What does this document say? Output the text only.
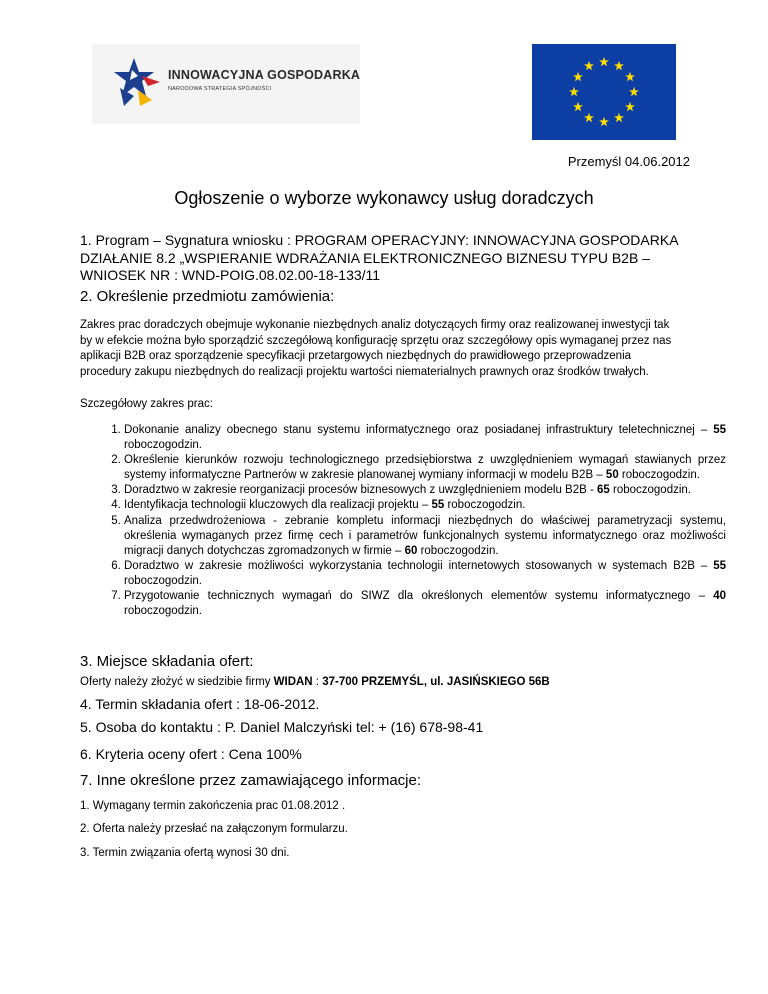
INNOWACYJNA GOSPODARKA
NARODOWA STRATEGIA SPÓJNOŚCI
Przemyśl 04.06.2012
Ogłoszenie o wyborze wykonawcy usług doradczych
1. Program – Sygnatura wniosku : PROGRAM OPERACYJNY: INNOWACYJNA GOSPODARKA DZIAŁANIE 8.2 „WSPIERANIE WDRAŻANIA ELEKTRONICZNEGO BIZNESU TYPU B2B – WNIOSEK NR : WND-POIG.08.02.00-18-133/11
2. Określenie przedmiotu zamówienia:
Zakres prac doradczych obejmuje wykonanie niezbędnych analiz dotyczących firmy oraz realizowanej inwestycji tak by w efekcie można było sporządzić szczegółową konfigurację sprzętu oraz szczegółowy opis wymaganej przez nas aplikacji B2B oraz sporządzenie specyfikacji przetargowych niezbędnych do prawidłowego przeprowadzenia procedury zakupu niezbędnych do realizacji projektu wartości niematerialnych prawnych oraz środków trwałych.
Szczegółowy zakres prac:
1. Dokonanie analizy obecnego stanu systemu informatycznego oraz posiadanej infrastruktury teletechnicznej – 55 roboczogodzin.
2. Określenie kierunków rozwoju technologicznego przedsiębiorstwa z uwzględnieniem wymagań stawianych przez systemy informatyczne Partnerów w zakresie planowanej wymiany informacji w modelu B2B – 50 roboczogodzin.
3. Doradztwo w zakresie reorganizacji procesów biznesowych z uwzględnieniem modelu B2B - 65 roboczogodzin.
4. Identyfikacja technologii kluczowych dla realizacji projektu – 55 roboczogodzin.
5. Analiza przedwdrożeniowa - zebranie kompletu informacji niezbędnych do właściwej parametryzacji systemu, określenia wymaganych przez firmę cech i parametrów funkcjonalnych systemu informatycznego oraz możliwości migracji danych dotychczas zgromadzonych w firmie – 60 roboczogodzin.
6. Doradztwo w zakresie możliwości wykorzystania technologii internetowych stosowanych w systemach B2B – 55 roboczogodzin.
7. Przygotowanie technicznych wymagań do SIWZ dla określonych elementów systemu informatycznego – 40 roboczogodzin.
3. Miejsce składania ofert:
Oferty należy złożyć w siedzibie firmy WIDAN : 37-700 PRZEMYŚL, ul. JASIŃSKIEGO 56B
4. Termin składania ofert : 18-06-2012.
5. Osoba do kontaktu : P. Daniel Malczyński tel: + (16) 678-98-41
6. Kryteria oceny ofert : Cena 100%
7. Inne określone przez zamawiającego informacje:
1. Wymagany termin zakończenia prac 01.08.2012 .
2. Oferta należy przesłać na załączonym formularzu.
3. Termin związania ofertą wynosi 30 dni.
